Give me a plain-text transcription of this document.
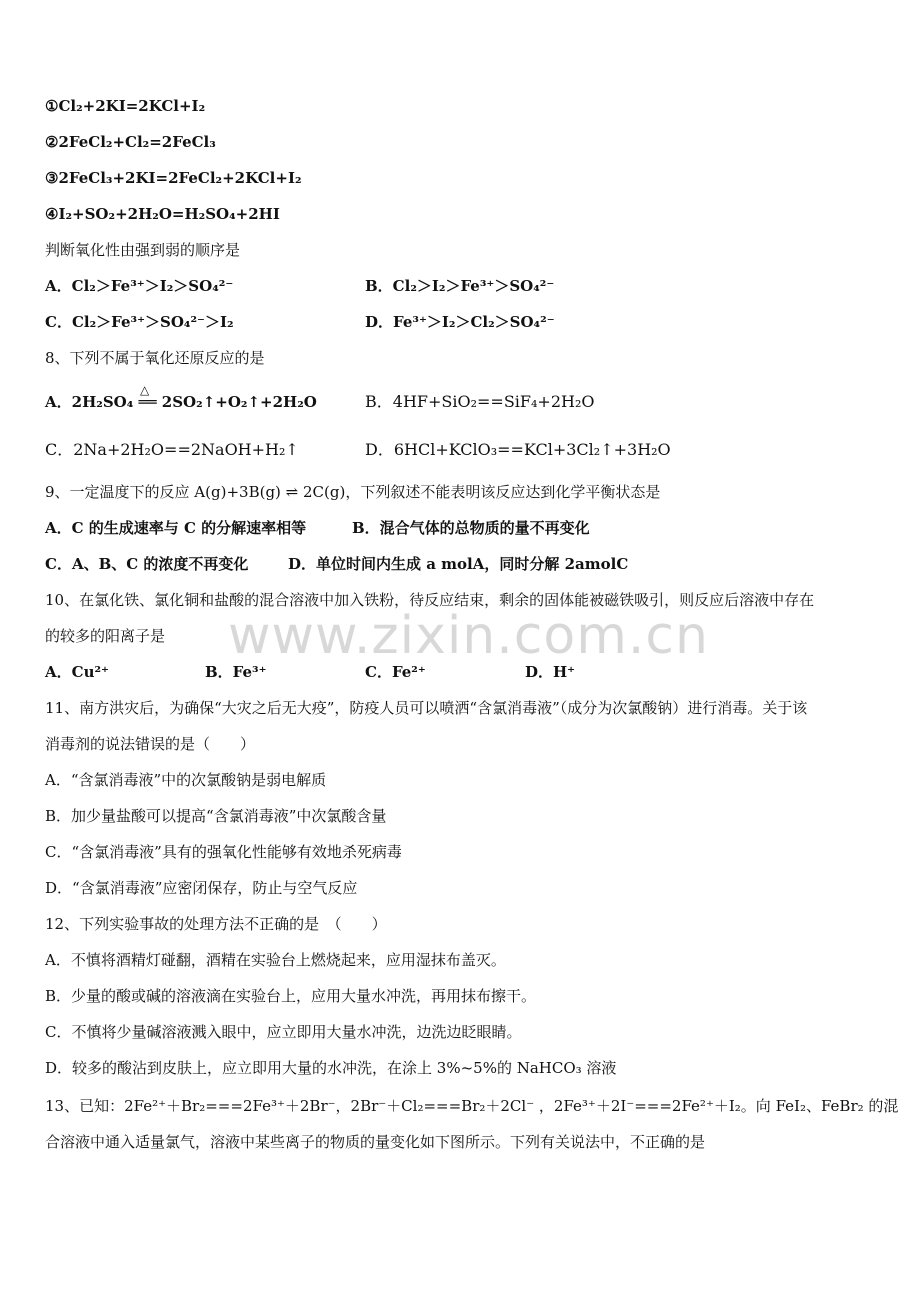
①Cl₂+2KI=2KCl+I₂
②2FeCl₂+Cl₂=2FeCl₃
③2FeCl₃+2KI=2FeCl₂+2KCl+I₂
④I₂+SO₂+2H₂O=H₂SO₄+2HI
判断氧化性由强到弱的顺序是
A．Cl₂＞Fe³⁺＞I₂＞SO₄²⁻	B．Cl₂＞I₂＞Fe³⁺＞SO₄²⁻
C．Cl₂＞Fe³⁺＞SO₄²⁻＞I₂	D．Fe³⁺＞I₂＞Cl₂＞SO₄²⁻
8、下列不属于氧化还原反应的是
△
A．2H₂SO₄ ══ 2SO₂↑+O₂↑+2H₂O	B．4HF+SiO₂==SiF₄+2H₂O
C．2Na+2H₂O==2NaOH+H₂↑	D．6HCl+KClO₃==KCl+3Cl₂↑+3H₂O
9、一定温度下的反应 A(g)+3B(g) ⇌ 2C(g)，下列叙述不能表明该反应达到化学平衡状态是
A．C 的生成速率与 C 的分解速率相等	B．混合气体的总物质的量不再变化
C．A、B、C 的浓度不再变化	D．单位时间内生成 a molA，同时分解 2amolC
10、在氯化铁、氯化铜和盐酸的混合溶液中加入铁粉，待反应结束，剩余的固体能被磁铁吸引，则反应后溶液中存在
的较多的阳离子是
A．Cu²⁺	B．Fe³⁺	C．Fe²⁺	D．H⁺
11、南方洪灾后，为确保“大灾之后无大疫”，防疫人员可以喷洒“含氯消毒液”（成分为次氯酸钠）进行消毒。关于该
消毒剂的说法错误的是（　　）
A．“含氯消毒液”中的次氯酸钠是弱电解质
B．加少量盐酸可以提高“含氯消毒液”中次氯酸含量
C．“含氯消毒液”具有的强氧化性能够有效地杀死病毒
D．“含氯消毒液”应密闭保存，防止与空气反应
12、下列实验事故的处理方法不正确的是　（　　）
A．不慎将酒精灯碰翻，酒精在实验台上燃烧起来，应用湿抹布盖灭。
B．少量的酸或碱的溶液滴在实验台上，应用大量水冲洗，再用抹布擦干。
C．不慎将少量碱溶液溅入眼中，应立即用大量水冲洗，边洗边眨眼睛。
D．较多的酸沾到皮肤上，应立即用大量的水冲洗，在涂上 3%~5%的 NaHCO₃ 溶液
13、已知：2Fe²⁺＋Br₂===2Fe³⁺＋2Br⁻，2Br⁻＋Cl₂===Br₂＋2Cl⁻ ，2Fe³⁺＋2I⁻===2Fe²⁺＋I₂。向 FeI₂、FeBr₂ 的混
合溶液中通入适量氯气，溶液中某些离子的物质的量变化如下图所示。下列有关说法中，不正确的是
www.zixin.com.cn
